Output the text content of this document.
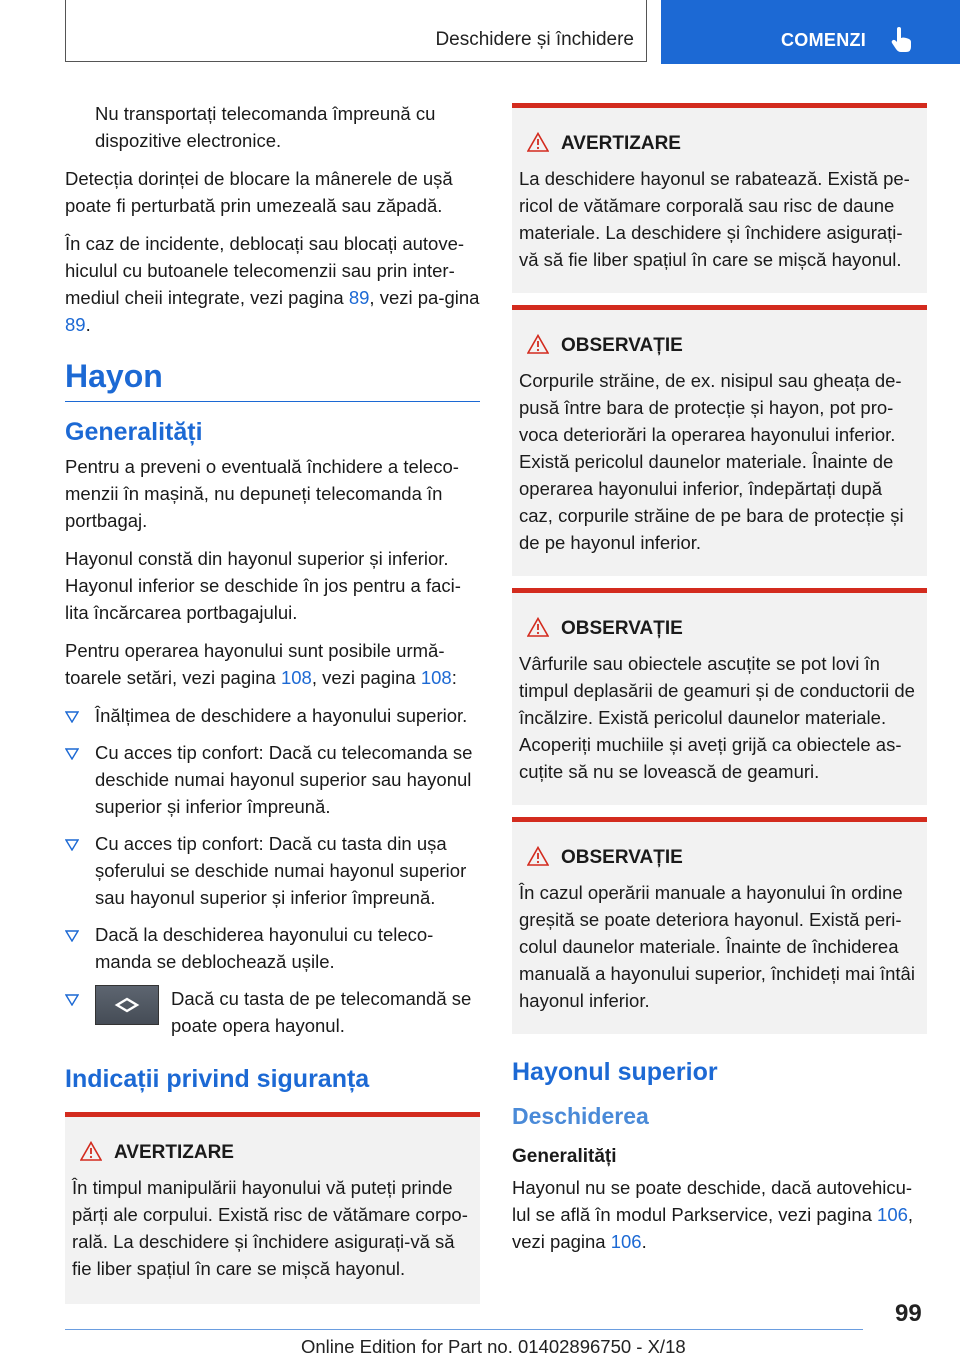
Deschidere și închidere	COMENZI

Nu transportați telecomanda împreună cu dispozitive electronice.

Detecția dorinței de blocare la mânerele de ușă poate fi perturbată prin umezeală sau zăpadă.

În caz de incidente, deblocați sau blocați autove-hiculul cu butoanele telecomenzii sau prin inter-mediul cheii integrate, vezi pagina 89, vezi pa-gina 89.

Hayon
Generalități

Pentru a preveni o eventuală închidere a teleco-menzii în mașină, nu depuneți telecomanda în portbagaj.

Hayonul constă din hayonul superior și inferior. Hayonul inferior se deschide în jos pentru a faci-lita încărcarea portbagajului.

Pentru operarea hayonului sunt posibile urmă-toarele setări, vezi pagina 108, vezi pagina 108:

Înălțimea de deschidere a hayonului superior.
Cu acces tip confort: Dacă cu telecomanda se deschide numai hayonul superior sau hayonul superior și inferior împreună.
Cu acces tip confort: Dacă cu tasta din ușa șoferului se deschide numai hayonul superior sau hayonul superior și inferior împreună.
Dacă la deschiderea hayonului cu teleco-manda se deblochează ușile.
Dacă cu tasta de pe telecomandă se poate opera hayonul.
Indicații privind siguranța
AVERTIZARE

În timpul manipulării hayonului vă puteți prinde părți ale corpului. Există risc de vătămare corpo-rală. La deschidere și închidere asigurați-vă să fie liber spațiul în care se mișcă hayonul.

AVERTIZARE

La deschidere hayonul se rabatează. Există pe-ricol de vătămare corporală sau risc de daune materiale. La deschidere și închidere asigurați-vă să fie liber spațiul în care se mișcă hayonul.

OBSERVAȚIE

Corpurile străine, de ex. nisipul sau gheața de-pusă între bara de protecție și hayon, pot pro-voca deteriorări la operarea hayonului inferior. Există pericolul daunelor materiale. Înainte de operarea hayonului inferior, îndepărtați după caz, corpurile străine de pe bara de protecție și de pe hayonul inferior.

OBSERVAȚIE

Vârfurile sau obiectele ascuțite se pot lovi în timpul deplasării de geamuri și de conductorii de încălzire. Există pericolul daunelor materiale. Acoperiți muchiile și aveți grijă ca obiectele as-cuțite să nu se lovească de geamuri.

OBSERVAȚIE

În cazul operării manuale a hayonului în ordine greșită se poate deteriora hayonul. Există peri-colul daunelor materiale. Înainte de închiderea manuală a hayonului superior, închideți mai întâi hayonul inferior.

Hayonul superior
Deschiderea
Generalități

Hayonul nu se poate deschide, dacă autovehicu-lul se află în modul Parkservice, vezi pagina 106, vezi pagina 106.

99
Online Edition for Part no. 01402896750 - X/18
